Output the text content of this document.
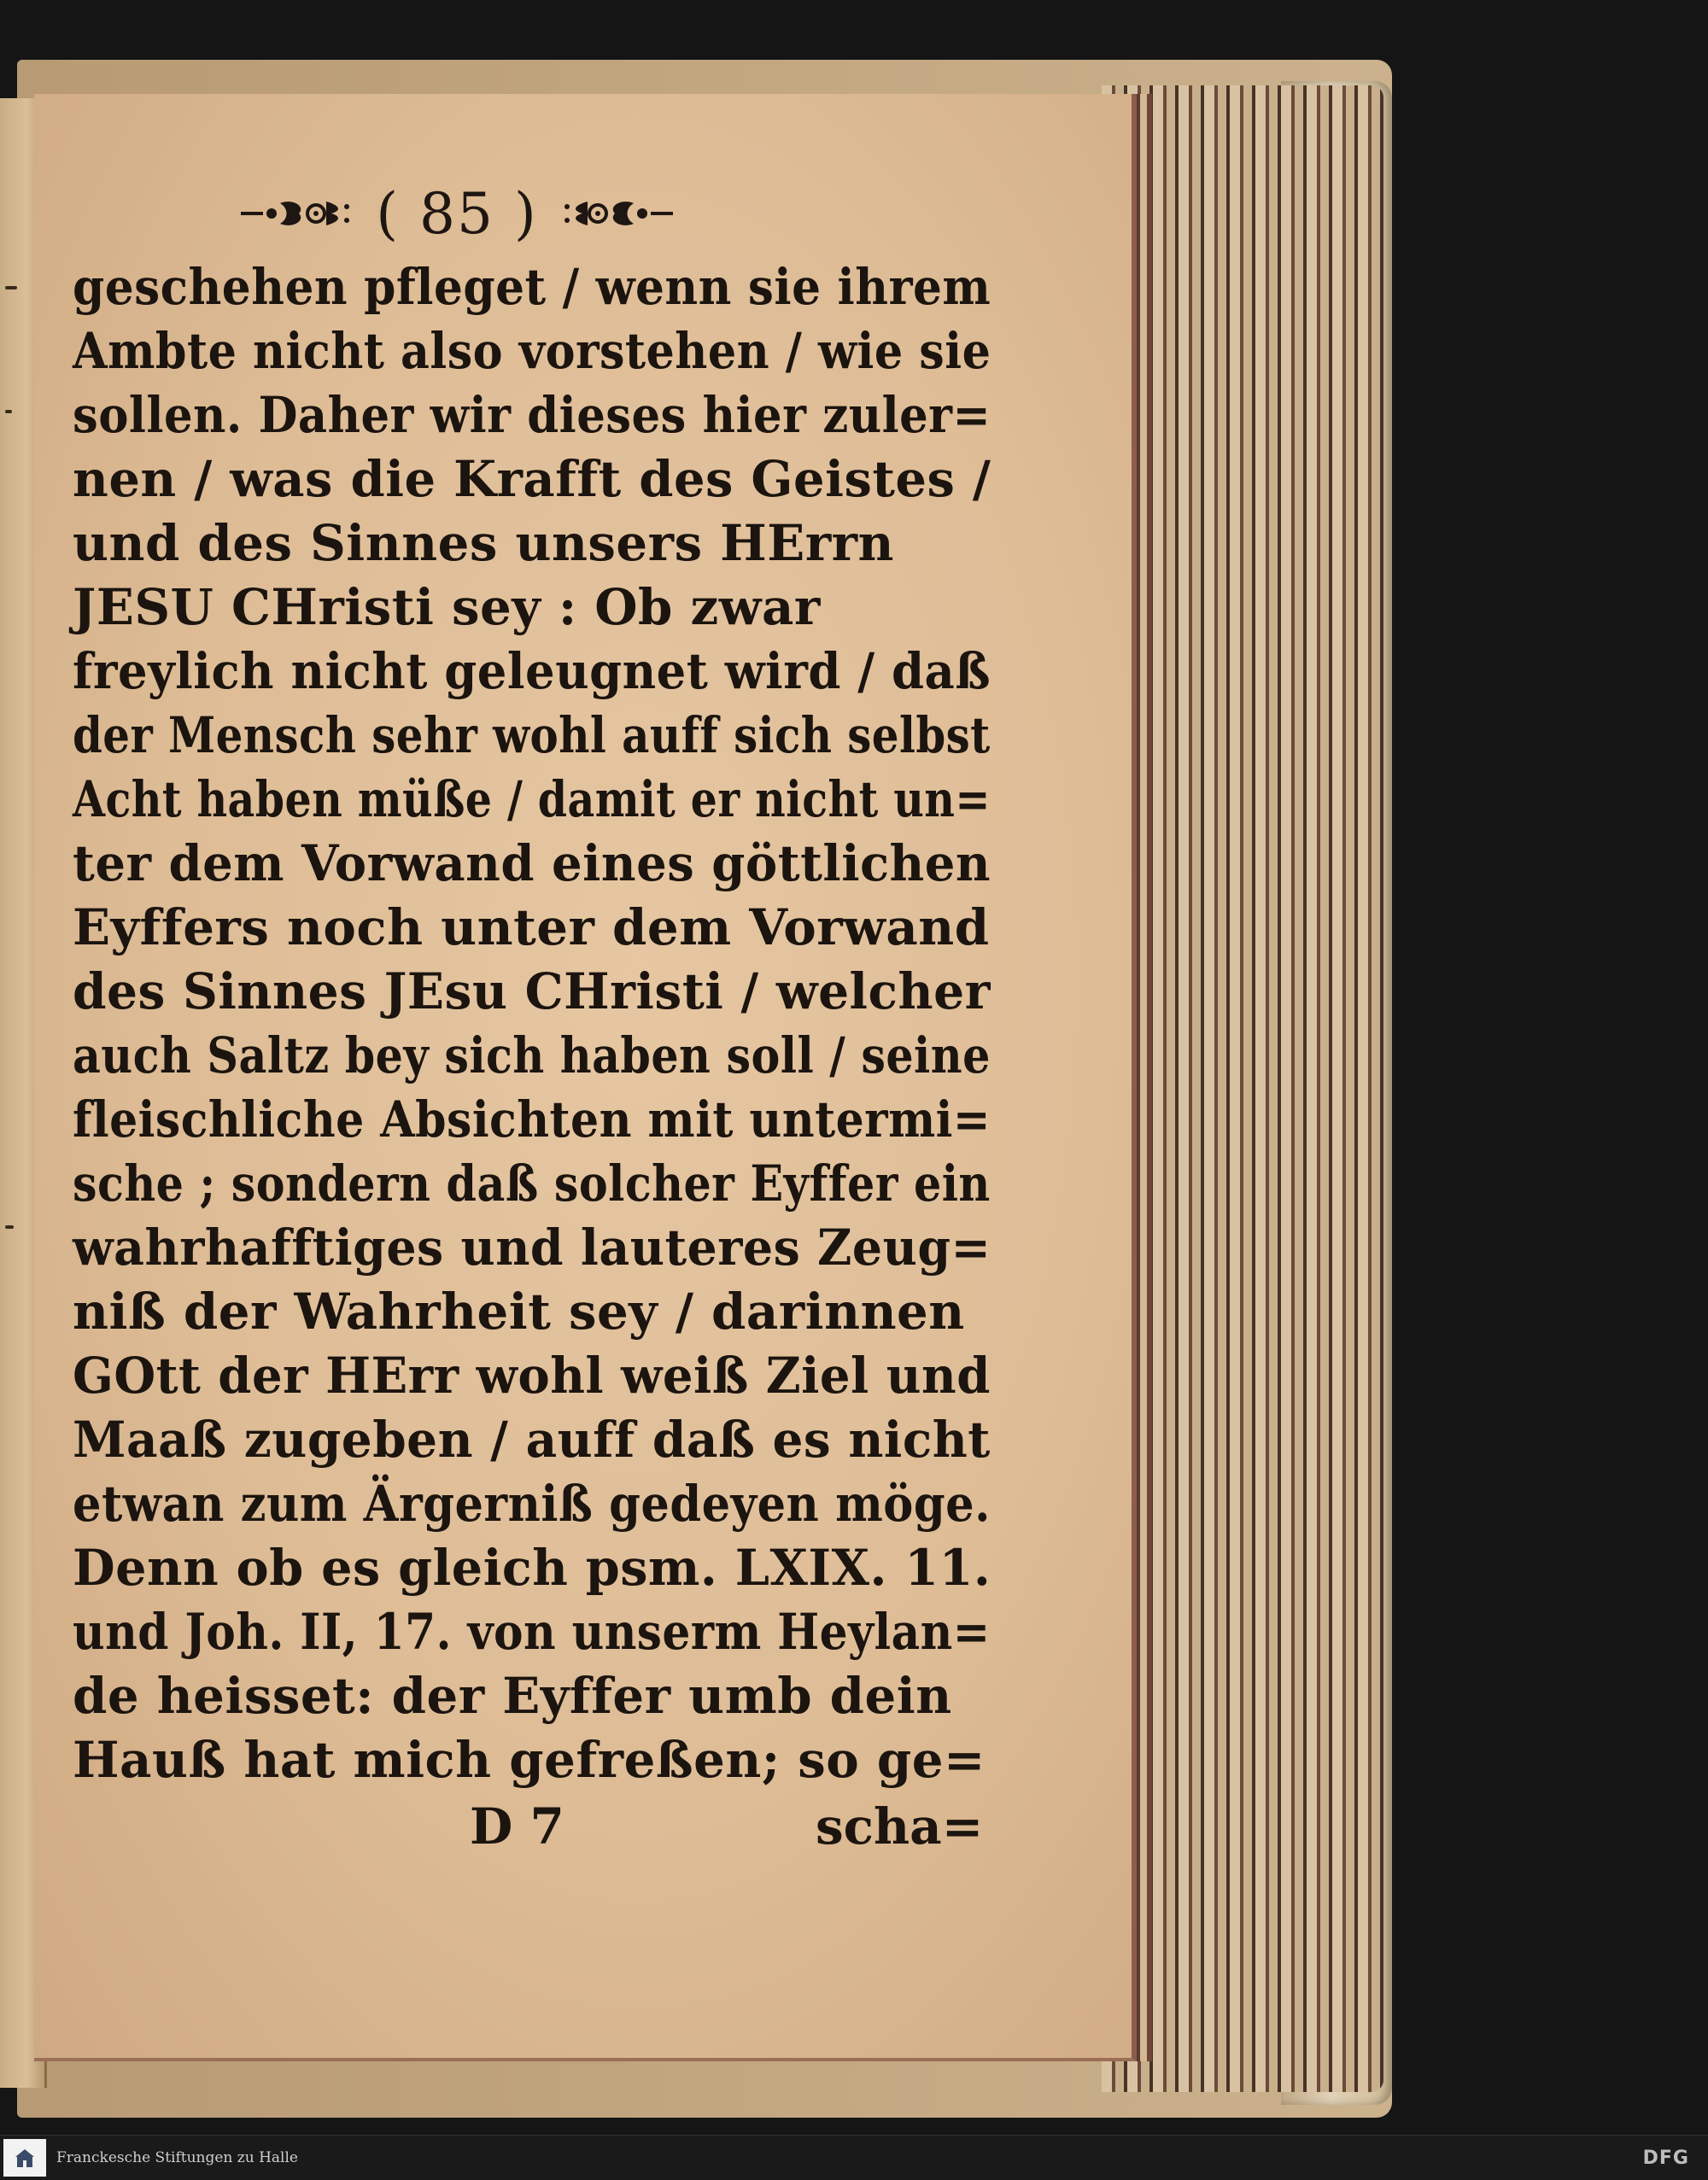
( 85 )
geschehen pfleget / wenn sie ihrem
Ambte nicht also vorstehen / wie sie
sollen. Daher wir dieses hier zuler=
nen / was die Krafft des Geistes /
und des Sinnes unsers HErrn
JESU CHristi sey : Ob zwar
freylich nicht geleugnet wird / daß
der Mensch sehr wohl auff sich selbst
Acht haben müße / damit er nicht un=
ter dem Vorwand eines göttlichen
Eyffers noch unter dem Vorwand
des Sinnes JEsu CHristi / welcher
auch Saltz bey sich haben soll / seine
fleischliche Absichten mit untermi=
sche ; sondern daß solcher Eyffer ein
wahrhafftiges und lauteres Zeug=
niß der Wahrheit sey / darinnen
GOtt der HErr wohl weiß Ziel und
Maaß zugeben / auff daß es nicht
etwan zum Ärgerniß gedeyen möge.
Denn ob es gleich psm. LXIX. 11.
und Joh. II, 17. von unserm Heylan=
de heisset: der Eyffer umb dein
Hauß hat mich gefreßen; so ge=
D 7	scha=
Franckesche Stiftungen zu Halle	DFG
